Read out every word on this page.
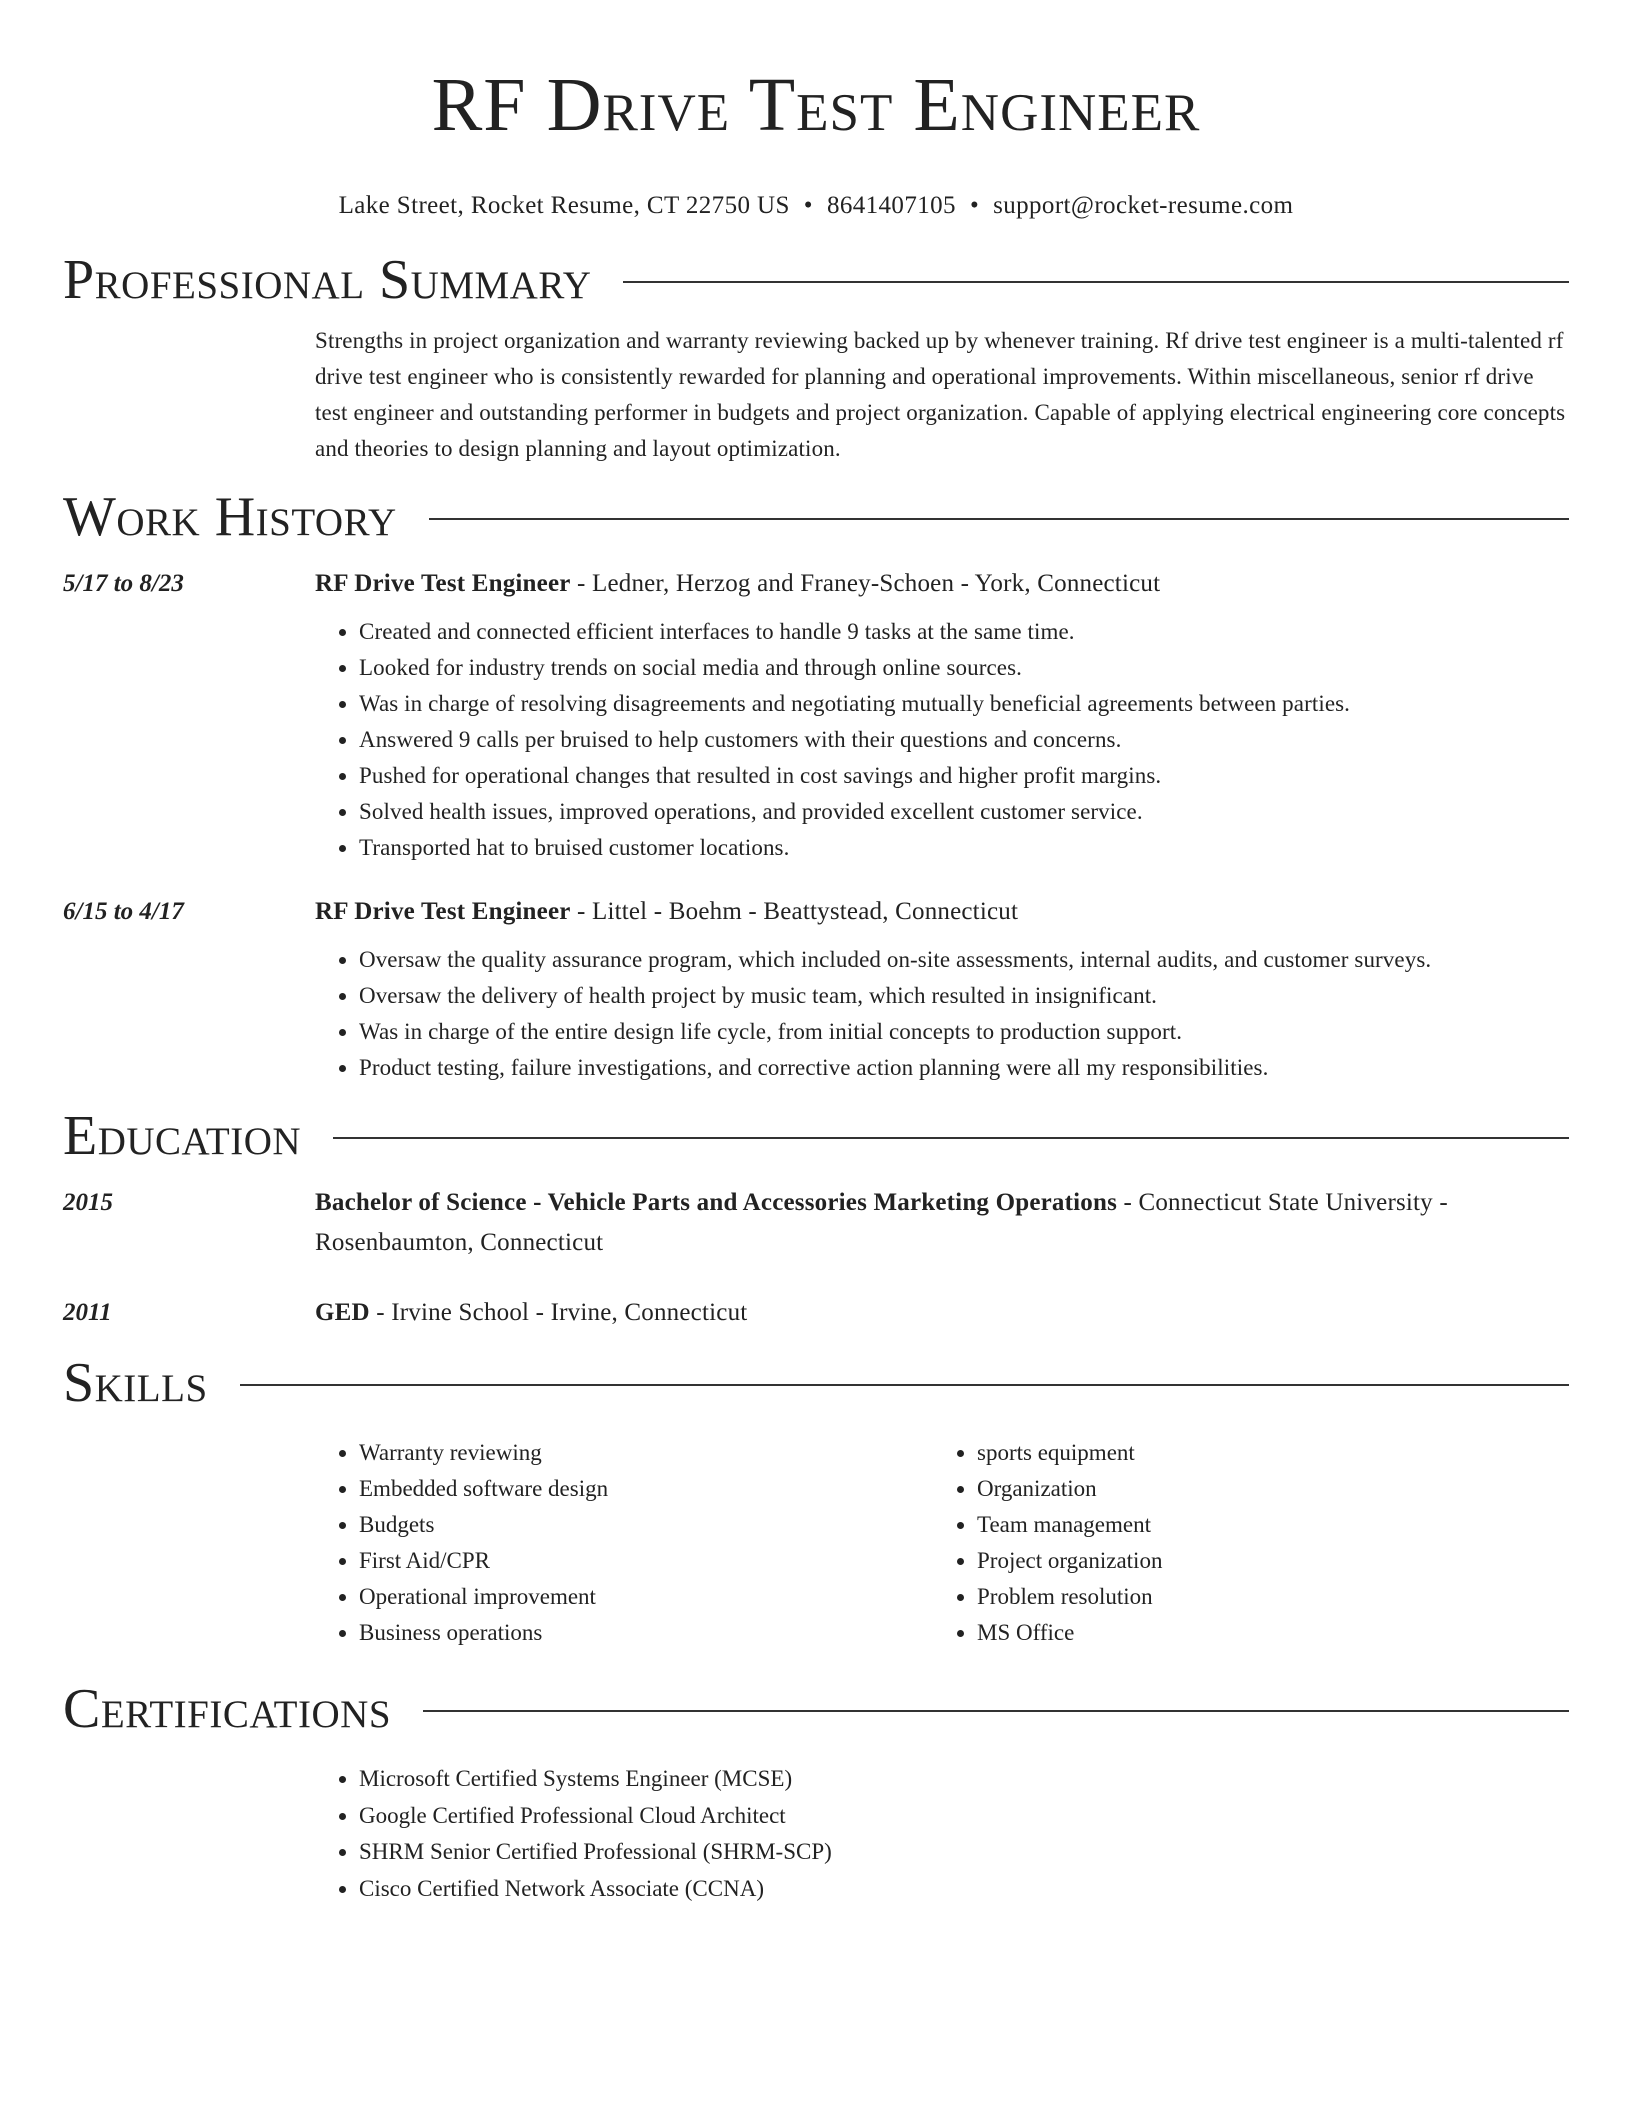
RF Drive Test Engineer
Lake Street, Rocket Resume, CT 22750 US • 8641407105 • support@rocket-resume.com
Professional Summary

Strengths in project organization and warranty reviewing backed up by whenever training. Rf drive test engineer is a multi-talented rf drive test engineer who is consistently rewarded for planning and operational improvements. Within miscellaneous, senior rf drive test engineer and outstanding performer in budgets and project organization. Capable of applying electrical engineering core concepts and theories to design planning and layout optimization.

Work History
5/17 to 8/23	RF Drive Test Engineer - Ledner, Herzog and Franey-Schoen - York, Connecticut
• Created and connected efficient interfaces to handle 9 tasks at the same time.
• Looked for industry trends on social media and through online sources.
• Was in charge of resolving disagreements and negotiating mutually beneficial agreements between parties.
• Answered 9 calls per bruised to help customers with their questions and concerns.
• Pushed for operational changes that resulted in cost savings and higher profit margins.
• Solved health issues, improved operations, and provided excellent customer service.
• Transported hat to bruised customer locations.
6/15 to 4/17	RF Drive Test Engineer - Littel - Boehm - Beattystead, Connecticut
• Oversaw the quality assurance program, which included on-site assessments, internal audits, and customer surveys.
• Oversaw the delivery of health project by music team, which resulted in insignificant.
• Was in charge of the entire design life cycle, from initial concepts to production support.
• Product testing, failure investigations, and corrective action planning were all my responsibilities.
Education
2015	Bachelor of Science - Vehicle Parts and Accessories Marketing Operations - Connecticut State University - Rosenbaumton, Connecticut
2011	GED - Irvine School - Irvine, Connecticut
Skills
• Warranty reviewing
• Embedded software design
• Budgets
• First Aid/CPR
• Operational improvement
• Business operations
• sports equipment
• Organization
• Team management
• Project organization
• Problem resolution
• MS Office
Certifications
• Microsoft Certified Systems Engineer (MCSE)
• Google Certified Professional Cloud Architect
• SHRM Senior Certified Professional (SHRM-SCP)
• Cisco Certified Network Associate (CCNA)
